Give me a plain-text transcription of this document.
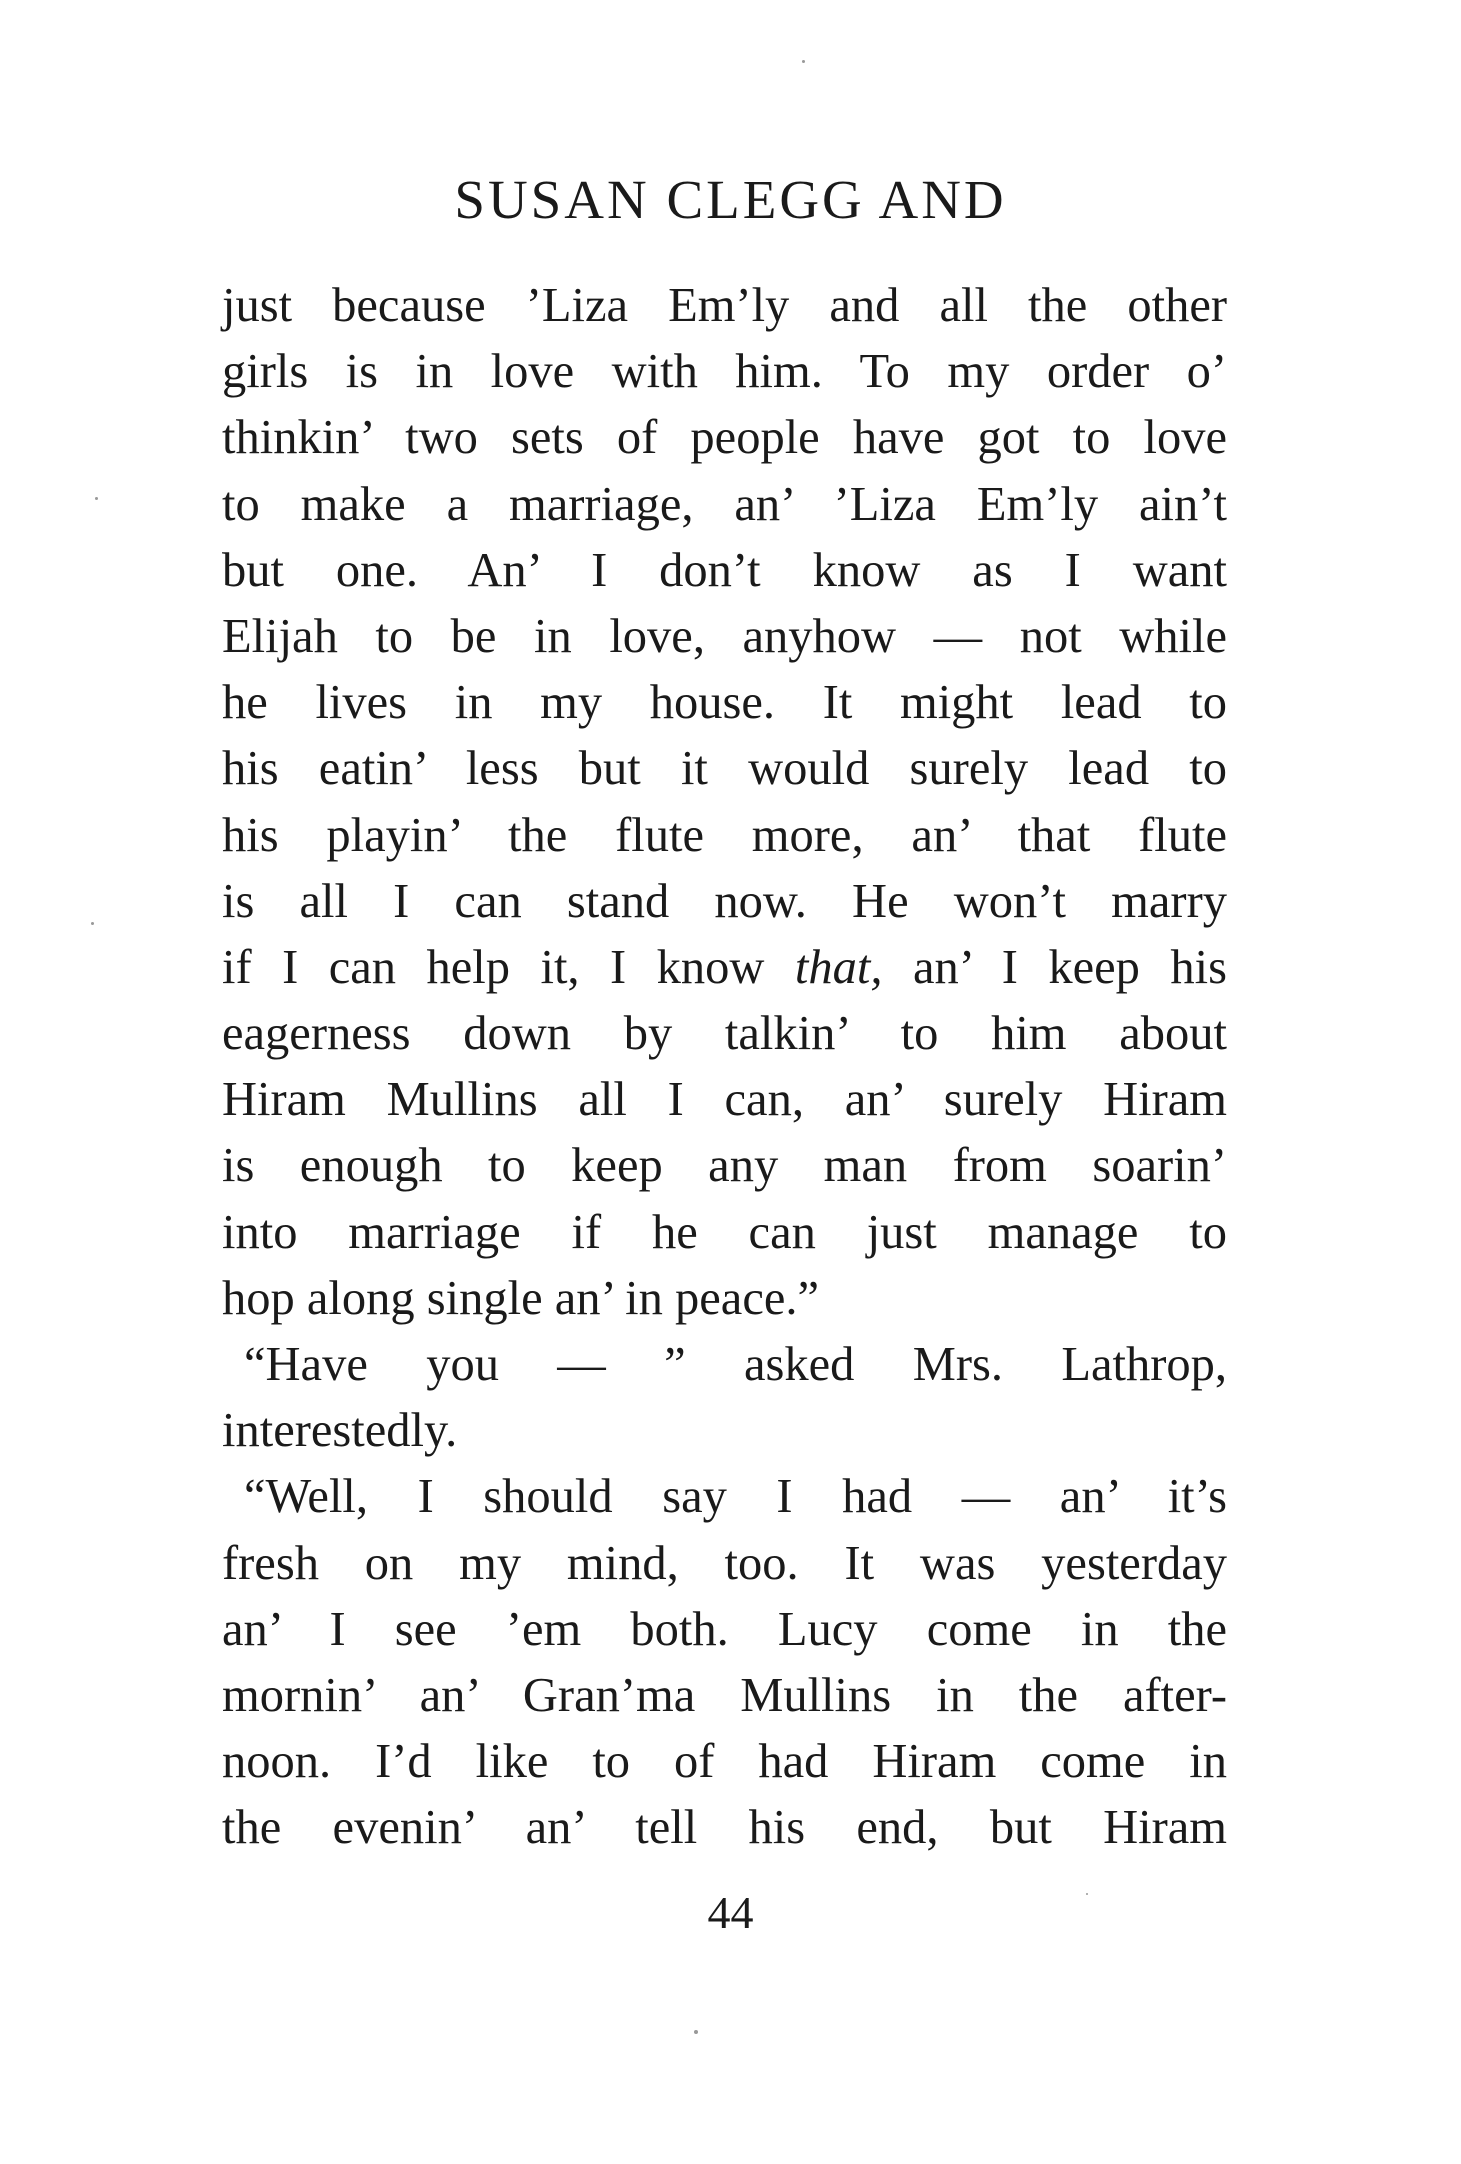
SUSAN CLEGG AND
just because ’Liza Em’ly and all the other
girls is in love with him. To my order o’
thinkin’ two sets of people have got to love
to make a marriage, an’ ’Liza Em’ly ain’t
but one. An’ I don’t know as I want
Elijah to be in love, anyhow — not while
he lives in my house. It might lead to
his eatin’ less but it would surely lead to
his playin’ the flute more, an’ that flute
is all I can stand now. He won’t marry
if I can help it, I know that, an’ I keep his
eagerness down by talkin’ to him about
Hiram Mullins all I can, an’ surely Hiram
is enough to keep any man from soarin’
into marriage if he can just manage to
hop along single an’ in peace.”
“Have you — ” asked Mrs. Lathrop,
interestedly.
“Well, I should say I had — an’ it’s
fresh on my mind, too. It was yesterday
an’ I see ’em both. Lucy come in the
mornin’ an’ Gran’ma Mullins in the after-
noon. I’d like to of had Hiram come in
the evenin’ an’ tell his end, but Hiram
44
